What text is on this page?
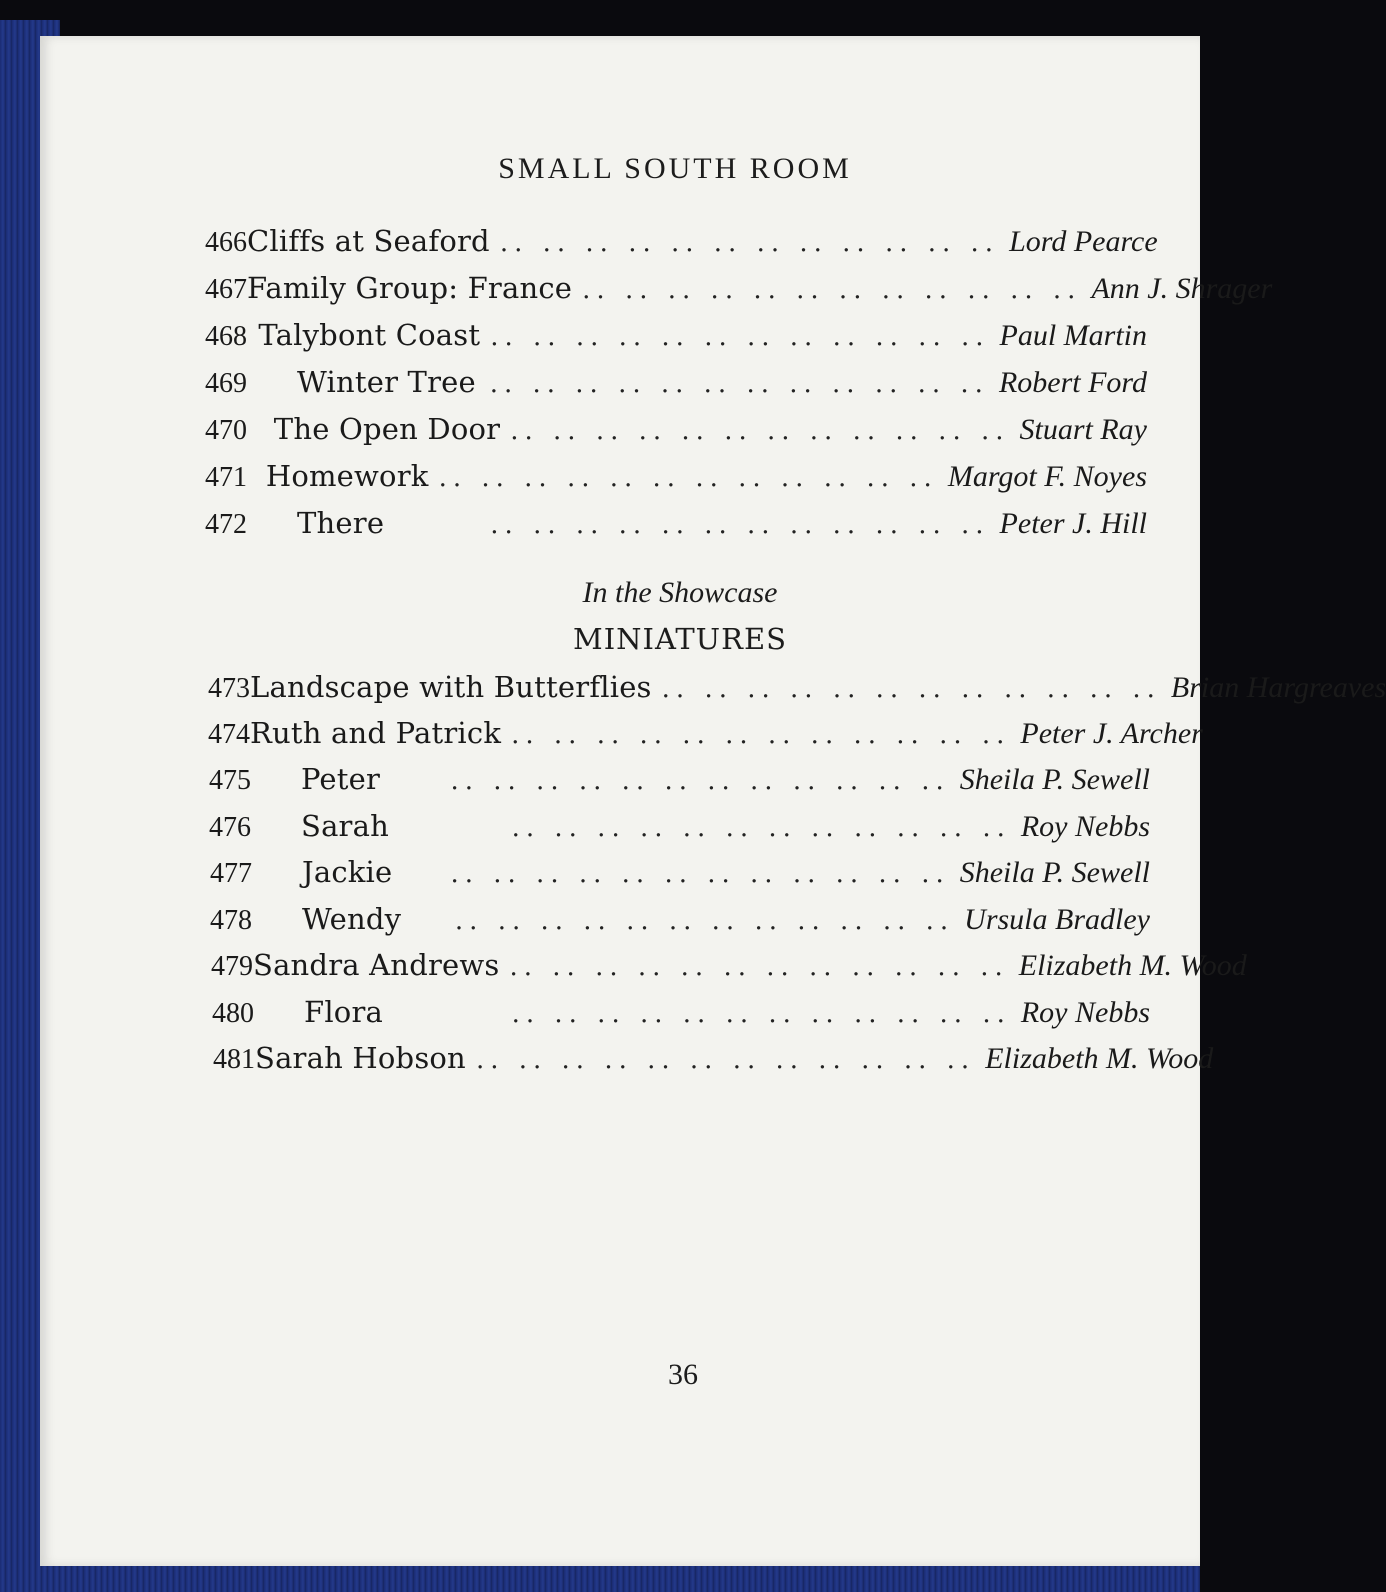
SMALL SOUTH ROOM
466 Cliffs at Seaford .. .. .. .. .. .. .. .. .. .. .. .. Lord Pearce
467 Family Group: France .. .. .. .. .. .. .. .. .. .. .. .. Ann J. Shrager
468 Talybont Coast .. .. .. .. .. .. .. .. .. .. .. .. Paul Martin
469	Winter Tree .. .. .. .. .. .. .. .. .. .. .. .. Robert Ford
470 The Open Door .. .. .. .. .. .. .. .. .. .. .. .. Stuart Ray
471 Homework .. .. .. .. .. .. .. .. .. .. .. .. Margot F. Noyes
472	There	.. .. .. .. .. .. .. .. .. .. .. .. Peter J. Hill
In the Showcase
MINIATURES
473 Landscape with Butterflies .. .. .. .. .. .. .. .. .. .. .. .. Brian Hargreaves
474 Ruth and Patrick .. .. .. .. .. .. .. .. .. .. .. .. Peter J. Archer
475	Peter	.. .. .. .. .. .. .. .. .. .. .. .. Sheila P. Sewell
476	Sarah	.. .. .. .. .. .. .. .. .. .. .. .. Roy Nebbs
477	Jackie	.. .. .. .. .. .. .. .. .. .. .. .. Sheila P. Sewell
478	Wendy	.. .. .. .. .. .. .. .. .. .. .. .. Ursula Bradley
479 Sandra Andrews .. .. .. .. .. .. .. .. .. .. .. .. Elizabeth M. Wood
480	Flora	.. .. .. .. .. .. .. .. .. .. .. .. Roy Nebbs
481 Sarah Hobson .. .. .. .. .. .. .. .. .. .. .. .. Elizabeth M. Wood
36
